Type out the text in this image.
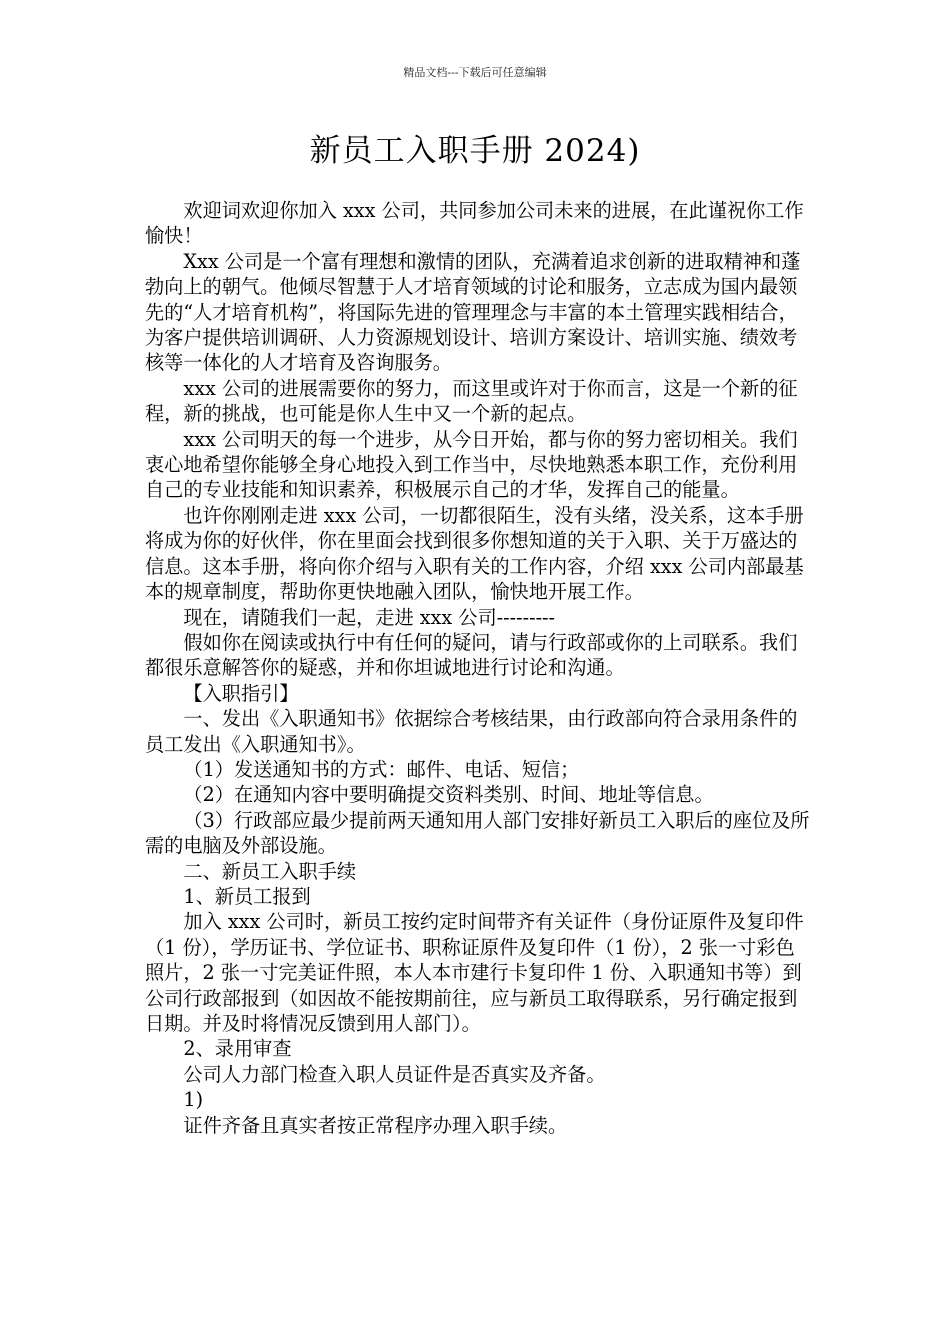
精品文档---下载后可任意编辑
新员工入职手册 2024)

欢迎词欢迎你加入 xxx 公司，共同参加公司未来的进展，在此谨祝你工作愉快！

Xxx 公司是一个富有理想和激情的团队，充满着追求创新的进取精神和蓬勃向上的朝气。他倾尽智慧于人才培育领域的讨论和服务，立志成为国内最领先的“人才培育机构”，将国际先进的管理理念与丰富的本土管理实践相结合，为客户提供培训调研、人力资源规划设计、培训方案设计、培训实施、绩效考核等一体化的人才培育及咨询服务。

xxx 公司的进展需要你的努力，而这里或许对于你而言，这是一个新的征程，新的挑战，也可能是你人生中又一个新的起点。

xxx 公司明天的每一个进步，从今日开始，都与你的努力密切相关。我们衷心地希望你能够全身心地投入到工作当中，尽快地熟悉本职工作，充份利用自己的专业技能和知识素养，积极展示自己的才华，发挥自己的能量。

也许你刚刚走进 xxx 公司，一切都很陌生，没有头绪，没关系，这本手册将成为你的好伙伴，你在里面会找到很多你想知道的关于入职、关于万盛达的信息。这本手册，将向你介绍与入职有关的工作内容，介绍 xxx 公司内部最基本的规章制度，帮助你更快地融入团队，愉快地开展工作。

现在，请随我们一起，走进 xxx 公司---------

假如你在阅读或执行中有任何的疑问，请与行政部或你的上司联系。我们都很乐意解答你的疑惑，并和你坦诚地进行讨论和沟通。

【入职指引】

一、发出《入职通知书》依据综合考核结果，由行政部向符合录用条件的员工发出《入职通知书》。

（1）发送通知书的方式：邮件、电话、短信；

（2）在通知内容中要明确提交资料类别、时间、地址等信息。

（3）行政部应最少提前两天通知用人部门安排好新员工入职后的座位及所需的电脑及外部设施。

二、新员工入职手续

1、新员工报到

加入 xxx 公司时，新员工按约定时间带齐有关证件（身份证原件及复印件（1 份），学历证书、学位证书、职称证原件及复印件（1 份），2 张一寸彩色照片，2 张一寸完美证件照，本人本市建行卡复印件 1 份、入职通知书等）到公司行政部报到（如因故不能按期前往，应与新员工取得联系，另行确定报到日期。并及时将情况反馈到用人部门）。

2、录用审查

公司人力部门检查入职人员证件是否真实及齐备。

1)

证件齐备且真实者按正常程序办理入职手续。
